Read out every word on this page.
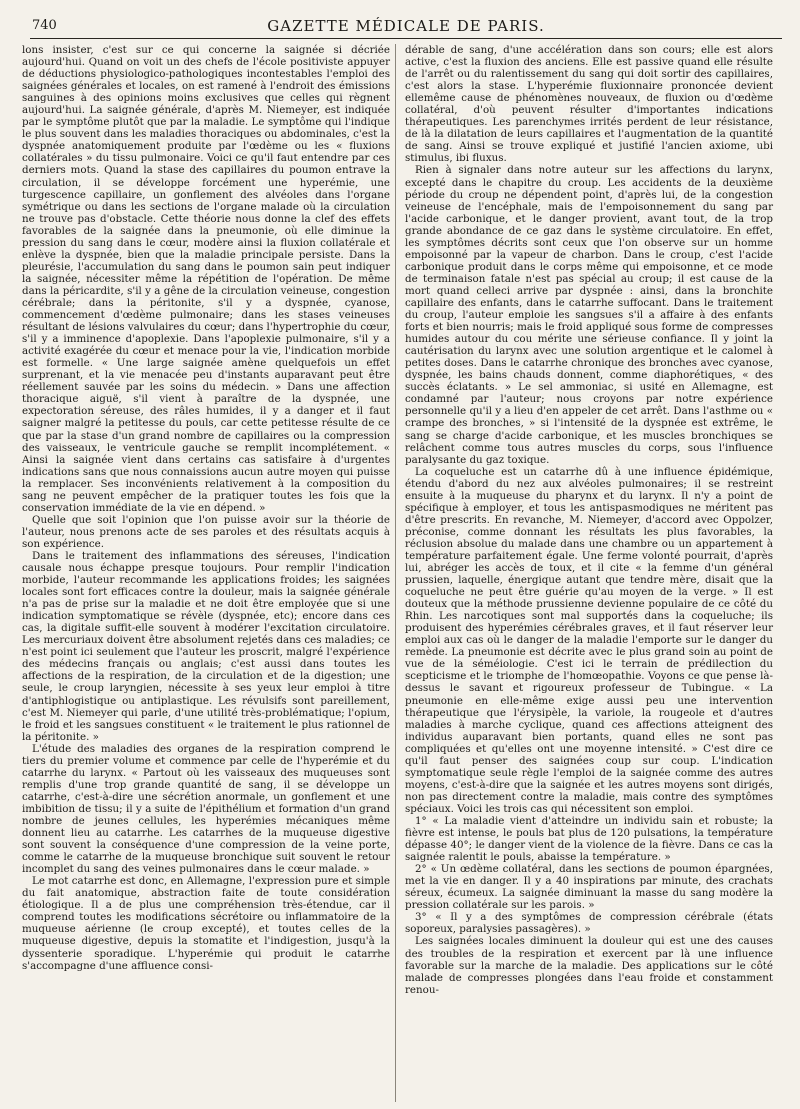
740	GAZETTE MÉDICALE DE PARIS.

lons insister, c'est sur ce qui concerne la saignée si décriée aujourd'hui. Quand on voit un des chefs de l'école positiviste appuyer de déductions physiologico-pathologiques incontestables l'emploi des saignées générales et locales, on est ramené à l'endroit des émissions sanguines à des opinions moins exclusives que celles qui règnent aujourd'hui. La saignée générale, d'après M. Niemeyer, est indiquée par le symptôme plutôt que par la maladie. Le symptôme qui l'indique le plus souvent dans les maladies thoraciques ou abdominales, c'est la dyspnée anatomiquement produite par l'œdème ou les « fluxions collatérales » du tissu pulmonaire. Voici ce qu'il faut entendre par ces derniers mots. Quand la stase des capillaires du poumon entrave la circulation, il se développe forcément une hyperémie, une turgescence capillaire, un gonflement des alvéoles dans l'organe symétrique ou dans les sections de l'organe malade où la circulation ne trouve pas d'obstacle. Cette théorie nous donne la clef des effets favorables de la saignée dans la pneumonie, où elle diminue la pression du sang dans le cœur, modère ainsi la fluxion collatérale et enlève la dyspnée, bien que la maladie principale persiste. Dans la pleurésie, l'accumulation du sang dans le poumon sain peut indiquer la saignée, nécessiter même la répétition de l'opération. De même dans la péricardite, s'il y a gêne de la circulation veineuse, congestion cérébrale; dans la péritonite, s'il y a dyspnée, cyanose, commencement d'œdème pulmonaire; dans les stases veineuses résultant de lésions valvulaires du cœur; dans l'hypertrophie du cœur, s'il y a imminence d'apoplexie. Dans l'apoplexie pulmonaire, s'il y a activité exagérée du cœur et menace pour la vie, l'indication morbide est formelle. « Une large saignée amène quelquefois un effet surprenant, et la vie menacée peu d'instants auparavant peut être réellement sauvée par les soins du médecin. » Dans une affection thoracique aiguë, s'il vient à paraître de la dyspnée, une expectoration séreuse, des râles humides, il y a danger et il faut saigner malgré la petitesse du pouls, car cette petitesse résulte de ce que par la stase d'un grand nombre de capillaires ou la compression des vaisseaux, le ventricule gauche se remplit incomplétement. « Ainsi la saignée vient dans certains cas satisfaire à d'urgentes indications sans que nous connaissions aucun autre moyen qui puisse la remplacer. Ses inconvénients relativement à la composition du sang ne peuvent empêcher de la pratiquer toutes les fois que la conservation immédiate de la vie en dépend. »

Quelle que soit l'opinion que l'on puisse avoir sur la théorie de l'auteur, nous prenons acte de ses paroles et des résultats acquis à son expérience.

Dans le traitement des inflammations des séreuses, l'indication causale nous échappe presque toujours. Pour remplir l'indication morbide, l'auteur recommande les applications froides; les saignées locales sont fort efficaces contre la douleur, mais la saignée générale n'a pas de prise sur la maladie et ne doit être employée que si une indication symptomatique se révèle (dyspnée, etc); encore dans ces cas, la digitale suffit-elle souvent à modérer l'excitation circulatoire. Les mercuriaux doivent être absolument rejetés dans ces maladies; ce n'est point ici seulement que l'auteur les proscrit, malgré l'expérience des médecins français ou anglais; c'est aussi dans toutes les affections de la respiration, de la circulation et de la digestion; une seule, le croup laryngien, nécessite à ses yeux leur emploi à titre d'antiphlogistique ou antiplastique. Les révulsifs sont pareillement, c'est M. Niemeyer qui parle, d'une utilité très-problématique; l'opium, le froid et les sangsues constituent « le traitement le plus rationnel de la péritonite. »

L'étude des maladies des organes de la respiration comprend le tiers du premier volume et commence par celle de l'hyperémie et du catarrhe du larynx. « Partout où les vaisseaux des muqueuses sont remplis d'une trop grande quantité de sang, il se développe un catarrhe, c'est-à-dire une sécrétion anormale, un gonflement et une imbibition de tissu; il y a suite de l'épithélium et formation d'un grand nombre de jeunes cellules, les hyperémies mécaniques même donnent lieu au catarrhe. Les catarrhes de la muqueuse digestive sont souvent la conséquence d'une compression de la veine porte, comme le catarrhe de la muqueuse bronchique suit souvent le retour incomplet du sang des veines pulmonaires dans le cœur malade. »

Le mot catarrhe est donc, en Allemagne, l'expression pure et simple du fait anatomique, abstraction faite de toute considération étiologique. Il a de plus une compréhension très-étendue, car il comprend toutes les modifications sécrétoire ou inflammatoire de la muqueuse aérienne (le croup excepté), et toutes celles de la muqueuse digestive, depuis la stomatite et l'indigestion, jusqu'à la dyssenterie sporadique. L'hyperémie qui produit le catarrhe s'accompagne d'une affluence consi-

dérable de sang, d'une accélération dans son cours; elle est alors active, c'est la fluxion des anciens. Elle est passive quand elle résulte de l'arrêt ou du ralentissement du sang qui doit sortir des capillaires, c'est alors la stase. L'hyperémie fluxionnaire prononcée devient ellemême cause de phénomènes nouveaux, de fluxion ou d'œdème collatéral, d'où peuvent résulter d'importantes indications thérapeutiques. Les parenchymes irrités perdent de leur résistance, de là la dilatation de leurs capillaires et l'augmentation de la quantité de sang. Ainsi se trouve expliqué et justifié l'ancien axiome, ubi stimulus, ibi fluxus.

Rien à signaler dans notre auteur sur les affections du larynx, excepté dans le chapitre du croup. Les accidents de la deuxième période du croup ne dépendent point, d'après lui, de la congestion veineuse de l'encéphale, mais de l'empoisonnement du sang par l'acide carbonique, et le danger provient, avant tout, de la trop grande abondance de ce gaz dans le système circulatoire. En effet, les symptômes décrits sont ceux que l'on observe sur un homme empoisonné par la vapeur de charbon. Dans le croup, c'est l'acide carbonique produit dans le corps même qui empoisonne, et ce mode de terminaison fatale n'est pas spécial au croup; il est cause de la mort quand celleci arrive par dyspnée : ainsi, dans la bronchite capillaire des enfants, dans le catarrhe suffocant. Dans le traitement du croup, l'auteur emploie les sangsues s'il a affaire à des enfants forts et bien nourris; mais le froid appliqué sous forme de compresses humides autour du cou mérite une sérieuse confiance. Il y joint la cautérisation du larynx avec une solution argentique et le calomel à petites doses. Dans le catarrhe chronique des bronches avec cyanose, dyspnée, les bains chauds donnent, comme diaphorétiques, « des succès éclatants. » Le sel ammoniac, si usité en Allemagne, est condamné par l'auteur; nous croyons par notre expérience personnelle qu'il y a lieu d'en appeler de cet arrêt. Dans l'asthme ou « crampe des bronches, » si l'intensité de la dyspnée est extrême, le sang se charge d'acide carbonique, et les muscles bronchiques se relâchent comme tous autres muscles du corps, sous l'influence paralysante du gaz toxique.

La coqueluche est un catarrhe dû à une influence épidémique, étendu d'abord du nez aux alvéoles pulmonaires; il se restreint ensuite à la muqueuse du pharynx et du larynx. Il n'y a point de spécifique à employer, et tous les antispasmodiques ne méritent pas d'être prescrits. En revanche, M. Niemeyer, d'accord avec Oppolzer, préconise, comme donnant les résultats les plus favorables, la réclusion absolue du malade dans une chambre ou un appartement à température parfaitement égale. Une ferme volonté pourrait, d'après lui, abréger les accès de toux, et il cite « la femme d'un général prussien, laquelle, énergique autant que tendre mère, disait que la coqueluche ne peut être guérie qu'au moyen de la verge. » Il est douteux que la méthode prussienne devienne populaire de ce côté du Rhin. Les narcotiques sont mal supportés dans la coqueluche; ils produisent des hyperémies cérébrales graves, et il faut réserver leur emploi aux cas où le danger de la maladie l'emporte sur le danger du remède. La pneumonie est décrite avec le plus grand soin au point de vue de la séméiologie. C'est ici le terrain de prédilection du scepticisme et le triomphe de l'homœopathie. Voyons ce que pense là-dessus le savant et rigoureux professeur de Tubingue. « La pneumonie en elle-même exige aussi peu une intervention thérapeutique que l'érysipèle, la variole, la rougeole et d'autres maladies à marche cyclique, quand ces affections atteignent des individus auparavant bien portants, quand elles ne sont pas compliquées et qu'elles ont une moyenne intensité. » C'est dire ce qu'il faut penser des saignées coup sur coup. L'indication symptomatique seule règle l'emploi de la saignée comme des autres moyens, c'est-à-dire que la saignée et les autres moyens sont dirigés, non pas directement contre la maladie, mais contre des symptômes spéciaux. Voici les trois cas qui nécessitent son emploi.

1° « La maladie vient d'atteindre un individu sain et robuste; la fièvre est intense, le pouls bat plus de 120 pulsations, la température dépasse 40°; le danger vient de la violence de la fièvre. Dans ce cas la saignée ralentit le pouls, abaisse la température. »

2° « Un œdème collatéral, dans les sections de poumon épargnées, met la vie en danger. Il y a 40 inspirations par minute, des crachats séreux, écumeux. La saignée diminuant la masse du sang modère la pression collatérale sur les parois. »

3° « Il y a des symptômes de compression cérébrale (états soporeux, paralysies passagères). »

Les saignées locales diminuent la douleur qui est une des causes des troubles de la respiration et exercent par là une influence favorable sur la marche de la maladie. Des applications sur le côté malade de compresses plongées dans l'eau froide et constamment renou-
